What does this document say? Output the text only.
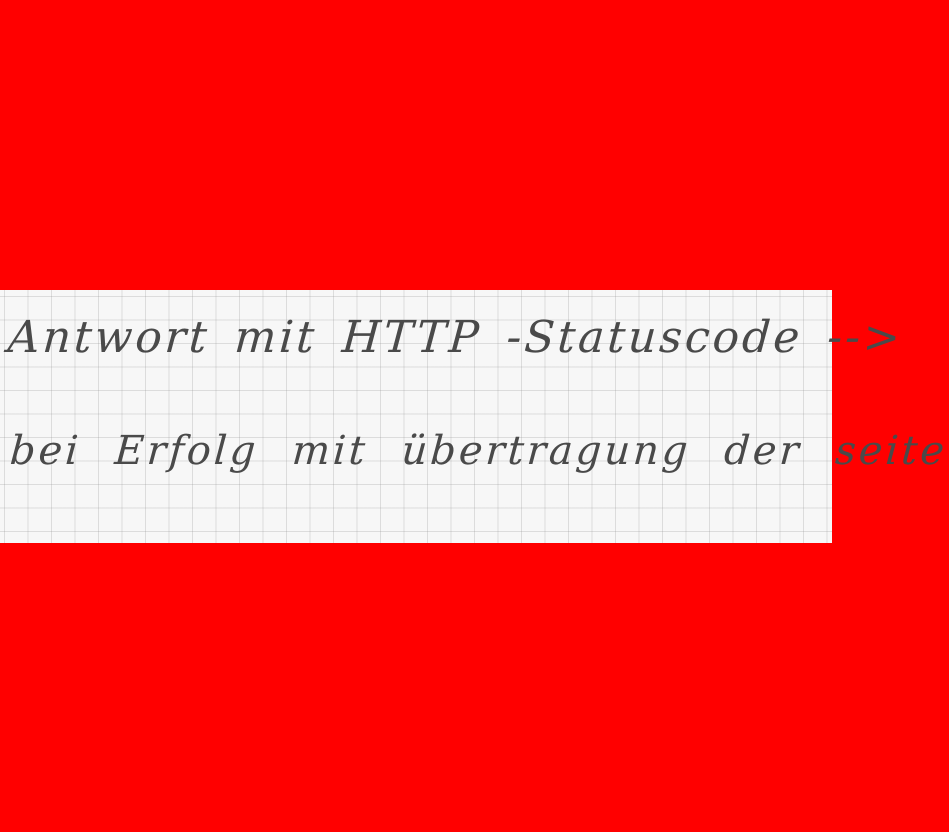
Antwort mit HTTP -Statuscode -->
bei Erfolg mit übertragung der seite
